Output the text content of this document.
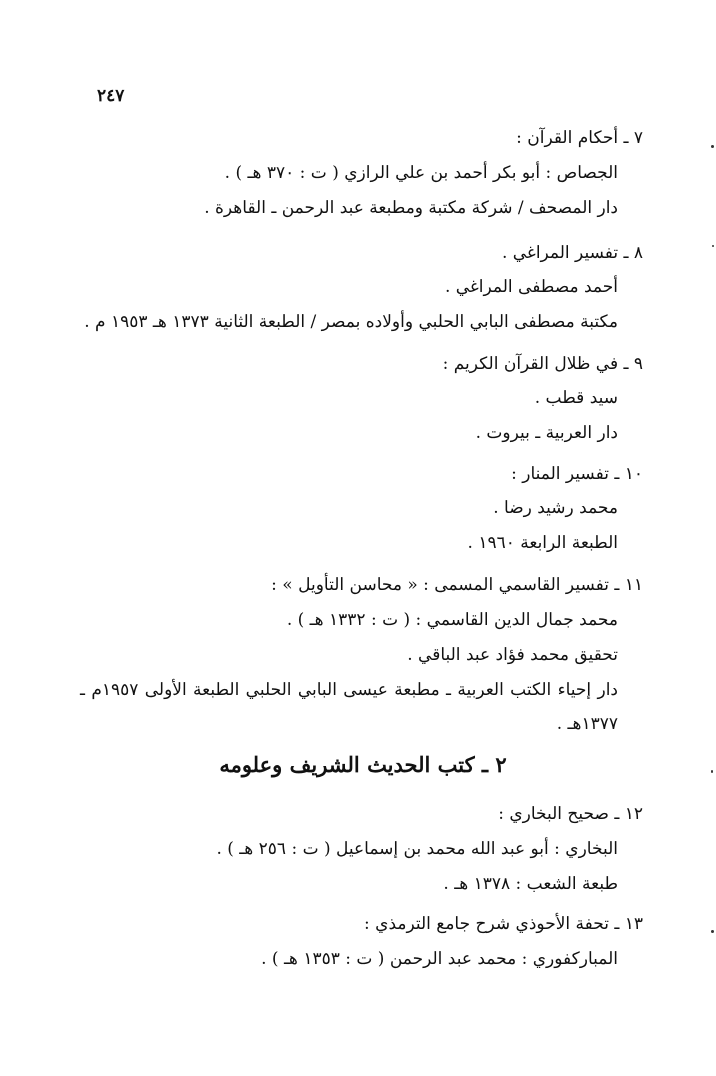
٢٤٧
٧ ـ أحكام القرآن :
الجصاص : أبو بكر أحمد بن علي الرازي ( ت : ٣٧٠ هـ ) .
دار المصحف / شركة مكتبة ومطبعة عبد الرحمن ـ القاهرة .
٨ ـ تفسير المراغي .
أحمد مصطفى المراغي .
مكتبة مصطفى البابي الحلبي وأولاده بمصر / الطبعة الثانية ١٣٧٣ هـ ١٩٥٣ م .
٩ ـ في ظلال القرآن الكريم :
سيد قطب .
دار العربية ـ بيروت .
١٠ ـ تفسير المنار :
محمد رشيد رضا .
الطبعة الرابعة ١٩٦٠ .
١١ ـ تفسير القاسمي المسمى : « محاسن التأويل » :
محمد جمال الدين القاسمي : ( ت : ١٣٣٢ هـ ) .
تحقيق محمد فؤاد عبد الباقي .
دار إحياء الكتب العربية ـ مطبعة عيسى البابي الحلبي الطبعة الأولى ١٩٥٧م ـ
١٣٧٧هـ .
٢ ـ كتب الحديث الشريف وعلومه
١٢ ـ صحيح البخاري :
البخاري : أبو عبد الله محمد بن إسماعيل ( ت : ٢٥٦ هـ ) .
طبعة الشعب : ١٣٧٨ هـ .
١٣ ـ تحفة الأحوذي شرح جامع الترمذي :
المباركفوري : محمد عبد الرحمن ( ت : ١٣٥٣ هـ ) .
